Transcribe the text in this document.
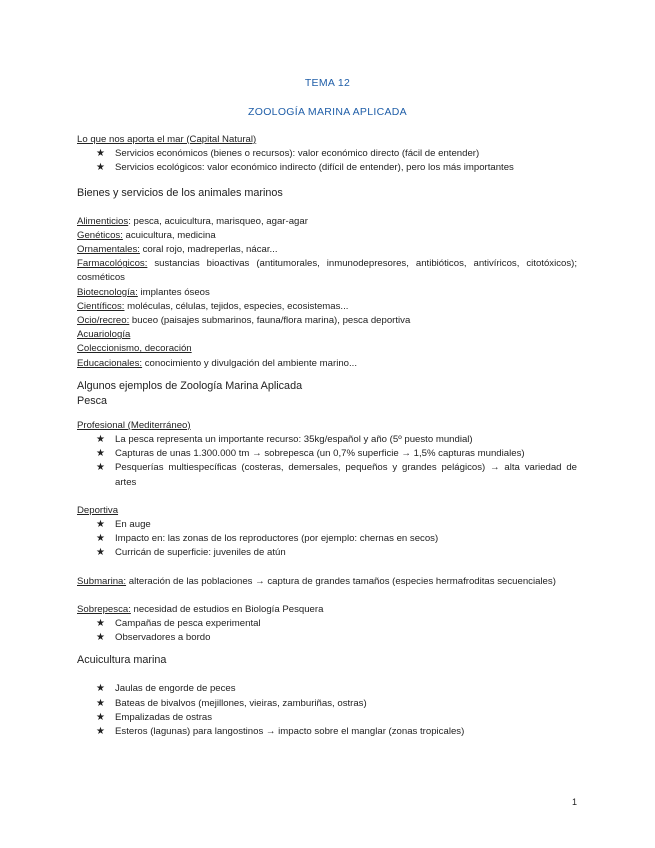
TEMA 12
ZOOLOGÍA MARINA APLICADA

Lo que nos aporta el mar (Capital Natural)

★ Servicios económicos (bienes o recursos): valor económico directo (fácil de entender)
★ Servicios ecológicos: valor económico indirecto (difícil de entender), pero los más importantes

Bienes y servicios de los animales marinos

Alimenticios: pesca, acuicultura, marisqueo, agar-agar

Genéticos: acuicultura, medicina

Ornamentales: coral rojo, madreperlas, nácar...

Farmacológicos: sustancias bioactivas (antitumorales, inmunodepresores, antibióticos, antivíricos, citotóxicos); cosméticos

Biotecnología: implantes óseos

Científicos: moléculas, células, tejidos, especies, ecosistemas...

Ocio/recreo: buceo (paisajes submarinos, fauna/flora marina), pesca deportiva

Acuariología

Coleccionismo, decoración

Educacionales: conocimiento y divulgación del ambiente marino...

Algunos ejemplos de Zoología Marina Aplicada

Pesca

Profesional (Mediterráneo)

★ La pesca representa un importante recurso: 35kg/español y año (5º puesto mundial)
★ Capturas de unas 1.300.000 tm → sobrepesca (un 0,7% superficie → 1,5% capturas mundiales)
★ Pesquerías multiespecíficas (costeras, demersales, pequeños y grandes pelágicos) → alta variedad de artes

Deportiva

★ En auge
★ Impacto en: las zonas de los reproductores (por ejemplo: chernas en secos)
★ Curricán de superficie: juveniles de atún

Submarina: alteración de las poblaciones → captura de grandes tamaños (especies hermafroditas secuenciales)

Sobrepesca: necesidad de estudios en Biología Pesquera

★ Campañas de pesca experimental
★ Observadores a bordo

Acuicultura marina

★ Jaulas de engorde de peces
★ Bateas de bivalvos (mejillones, vieiras, zamburiñas, ostras)
★ Empalizadas de ostras
★ Esteros (lagunas) para langostinos → impacto sobre el manglar (zonas tropicales)
1
